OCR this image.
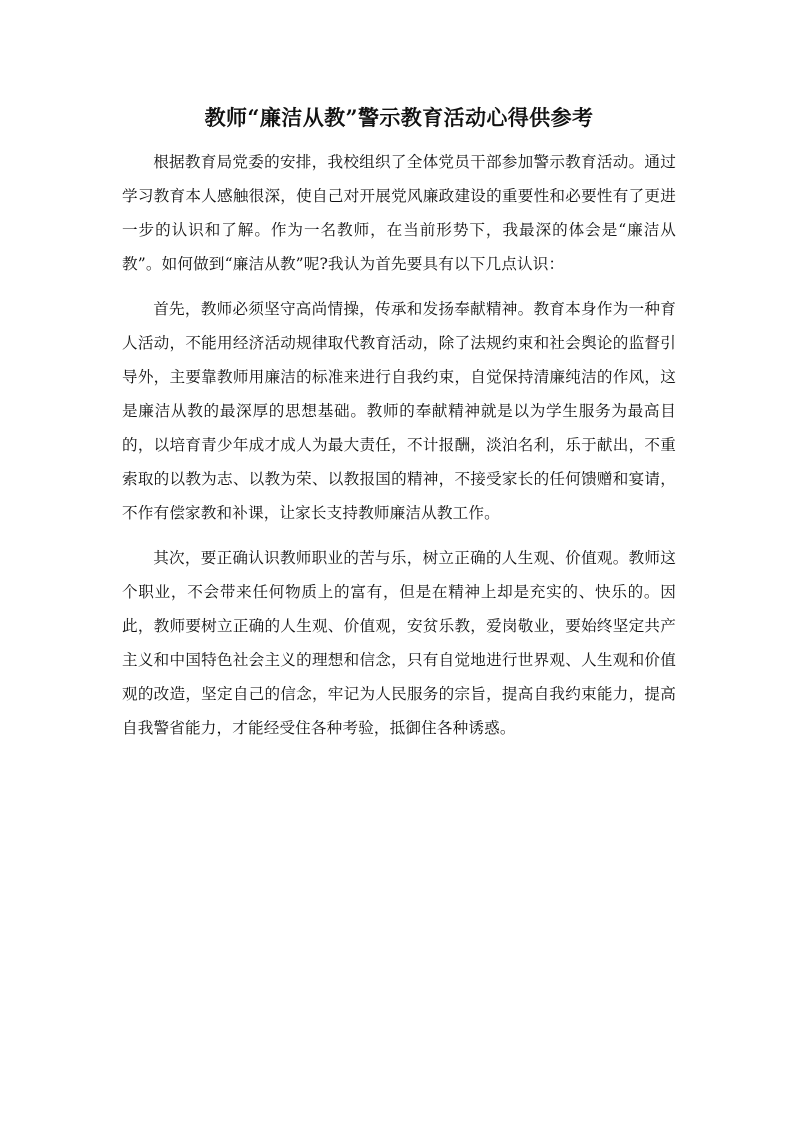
教师“廉洁从教”警示教育活动心得供参考

根据教育局党委的安排，我校组织了全体党员干部参加警示教育活动。通过学习教育本人感触很深，使自己对开展党风廉政建设的重要性和必要性有了更进一步的认识和了解。作为一名教师，在当前形势下，我最深的体会是“廉洁从教”。如何做到“廉洁从教”呢?我认为首先要具有以下几点认识：

首先，教师必须坚守高尚情操，传承和发扬奉献精神。教育本身作为一种育人活动，不能用经济活动规律取代教育活动，除了法规约束和社会舆论的监督引导外，主要靠教师用廉洁的标准来进行自我约束，自觉保持清廉纯洁的作风，这是廉洁从教的最深厚的思想基础。教师的奉献精神就是以为学生服务为最高目的，以培育青少年成才成人为最大责任，不计报酬，淡泊名利，乐于献出，不重索取的以教为志、以教为荣、以教报国的精神，不接受家长的任何馈赠和宴请，不作有偿家教和补课，让家长支持教师廉洁从教工作。

其次，要正确认识教师职业的苦与乐，树立正确的人生观、价值观。教师这个职业，不会带来任何物质上的富有，但是在精神上却是充实的、快乐的。因此，教师要树立正确的人生观、价值观，安贫乐教，爱岗敬业，要始终坚定共产主义和中国特色社会主义的理想和信念，只有自觉地进行世界观、人生观和价值观的改造，坚定自己的信念，牢记为人民服务的宗旨，提高自我约束能力，提高自我警省能力，才能经受住各种考验，抵御住各种诱惑。
